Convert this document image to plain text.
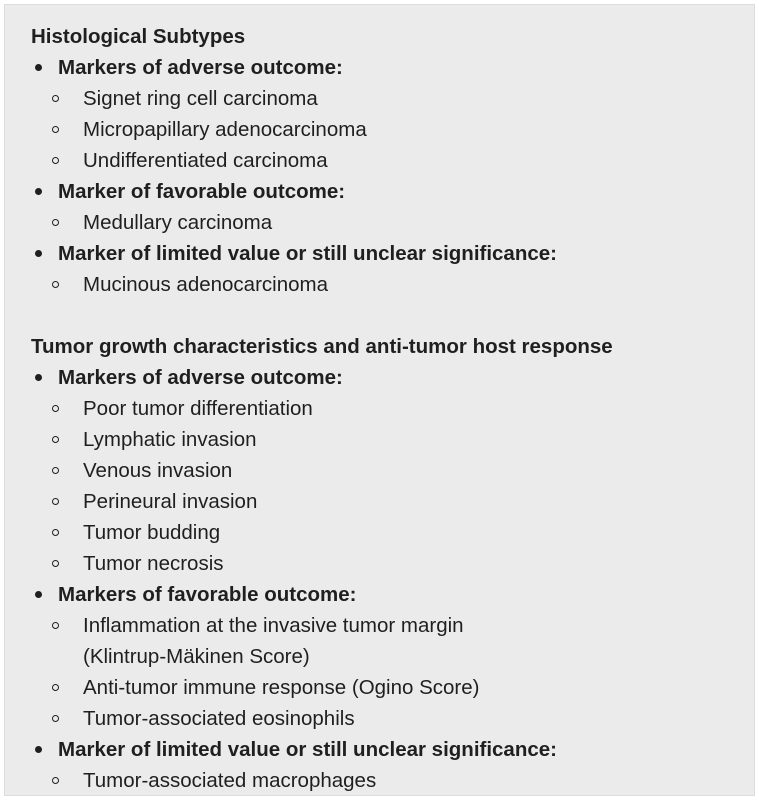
Histological Subtypes
Markers of adverse outcome:
Signet ring cell carcinoma
Micropapillary adenocarcinoma
Undifferentiated carcinoma
Marker of favorable outcome:
Medullary carcinoma
Marker of limited value or still unclear significance:
Mucinous adenocarcinoma
Tumor growth characteristics and anti-tumor host response
Markers of adverse outcome:
Poor tumor differentiation
Lymphatic invasion
Venous invasion
Perineural invasion
Tumor budding
Tumor necrosis
Markers of favorable outcome:
Inflammation at the invasive tumor margin
(Klintrup-Mäkinen Score)
Anti-tumor immune response (Ogino Score)
Tumor-associated eosinophils
Marker of limited value or still unclear significance:
Tumor-associated macrophages
